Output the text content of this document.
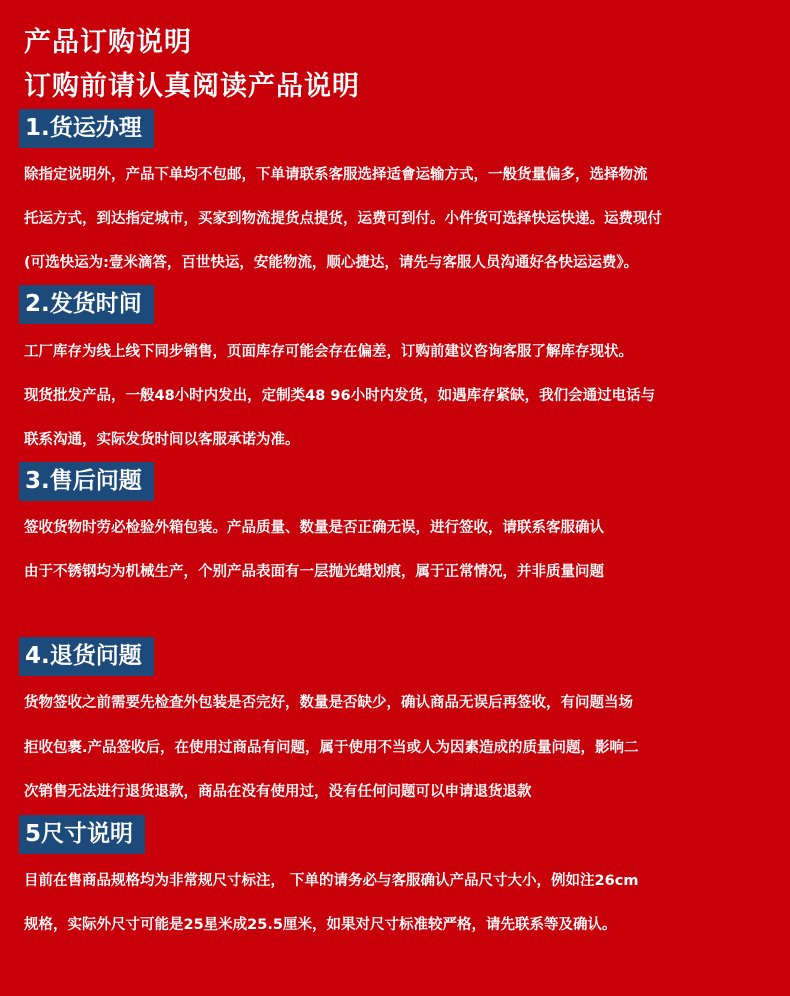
产品订购说明
订购前请认真阅读产品说明
1.货运办理
除指定说明外，产品下单均不包邮，下单请联系客服选择适會运输方式，一般货量偏多，选择物流
托运方式，到达指定城市，买家到物流提货点提货，运费可到付。小件货可选择快运快递。运费现付
(可选快运为:壹米滴答，百世快运，安能物流，顺心捷达，请先与客服人员沟通好各快运运费》。
2.发货时间
工厂库存为线上线下同步销售，页面库存可能会存在偏差，订购前建议咨询客服了解库存现状。
现货批发产品，一般48小时内发出，定制类48 96小时内发货，如遇库存紧缺，我们会通过电话与
联系沟通，实际发货时间以客服承诺为准。
3.售后问题
签收货物时劳必检验外箱包装。产品质量、数量是否正确无误，进行签收，请联系客服确认
由于不锈钢均为机械生产，个别产品表面有一层抛光蜡划痕，属于正常情况，并非质量问题
4.退货问题
货物签收之前需要先检查外包装是否完好，数量是否缺少，确认商品无误后再签收，有问题当场
拒收包裹.产品签收后，在使用过商品有问题，属于使用不当或人为因素造成的质量问题，影响二
次销售无法进行退货退款，商品在没有使用过，没有任何问题可以申请退货退款
5尺寸说明
目前在售商品规格均为非常规尺寸标注， 下单的请务必与客服确认产品尺寸大小，例如注26cm
规格，实际外尺寸可能是25星米成25.5厘米，如果对尺寸标准较严格，请先联系等及确认。
